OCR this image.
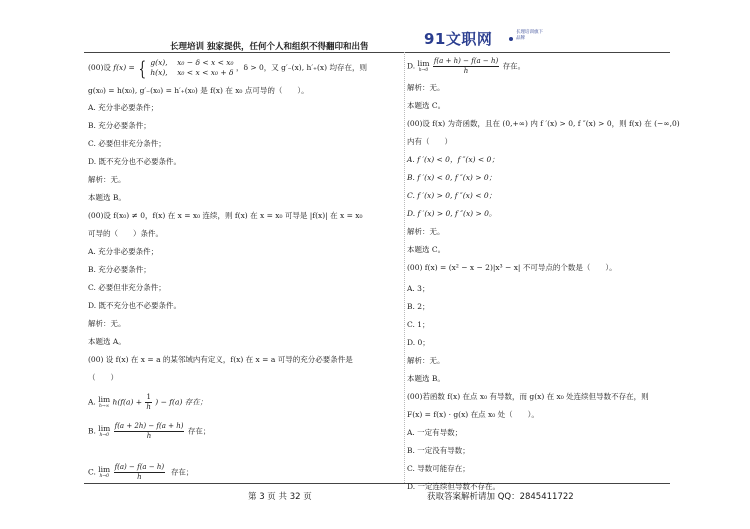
长理培训 独家提供，任何个人和组织不得翻印和出售	91文职网	长理培训旗下品牌
(00)设 f(x) = { g(x), x₀ − δ < x < x₀
h(x), x₀ < x < x₀ + δ
，δ > 0，又 g′₋(x), h′₊(x) 均存在，则
g(x₀) = h(x₀), g′₋(x₀) = h′₊(x₀) 是 f(x) 在 x₀ 点可导的（　　）。
A. 充分非必要条件；
B. 充分必要条件；
C. 必要但非充分条件；
D. 既不充分也不必要条件。
解析：无。
本题选 B。
(00)设 f(x₀) ≠ 0，f(x) 在 x = x₀ 连续，则 f(x) 在 x = x₀ 可导是 |f(x)| 在 x = x₀
可导的（　　）条件。
A. 充分非必要条件；
B. 充分必要条件；
C. 必要但非充分条件；
D. 既不充分也不必要条件。
解析：无。
本题选 A。
(00) 设 f(x) 在 x = a 的某邻域内有定义，f(x) 在 x = a 可导的充分必要条件是
（　　）
A. lim
h→∞ $h(f(a) + \frac{1}{h}$ ) − f(a) 存在；
B. lim
h→0
$\frac{f(a + 2h) - f(a + h)}{h}$ 存在；
C. lim
h→0
$\frac{f(a) - f(a - h)}{h}$ 存在；
D. lim
h→0
$\frac{f(a + h) - f(a - h)}{h}$ 存在。
解析：无。
本题选 C。
(00)设 f(x) 为奇函数，且在 (0,+∞) 内 f ′(x) > 0, f ″(x) > 0，则 f(x) 在 (−∞,0)
内有（　　）
A. f ′(x) < 0，f ″(x) < 0；
B. f ′(x) < 0, f ″(x) > 0；
C. f ′(x) > 0, f ″(x) < 0；
D. f ′(x) > 0, f ″(x) > 0。
解析：无。
本题选 C。
(00) f(x) = (x² − x − 2)|x³ − x| 不可导点的个数是（　　）。
A. 3；
B. 2；
C. 1；
D. 0；
解析：无。
本题选 B。
(00)若函数 f(x) 在点 x₀ 有导数，而 g(x) 在 x₀ 处连续但导数不存在，则
F(x) = f(x) · g(x) 在点 x₀ 处（　　）。
A. 一定有导数；
B. 一定没有导数；
C. 导数可能存在；
D. 一定连续但导数不存在。
第 3 页 共 32 页	获取答案解析请加 QQ：2845411722
